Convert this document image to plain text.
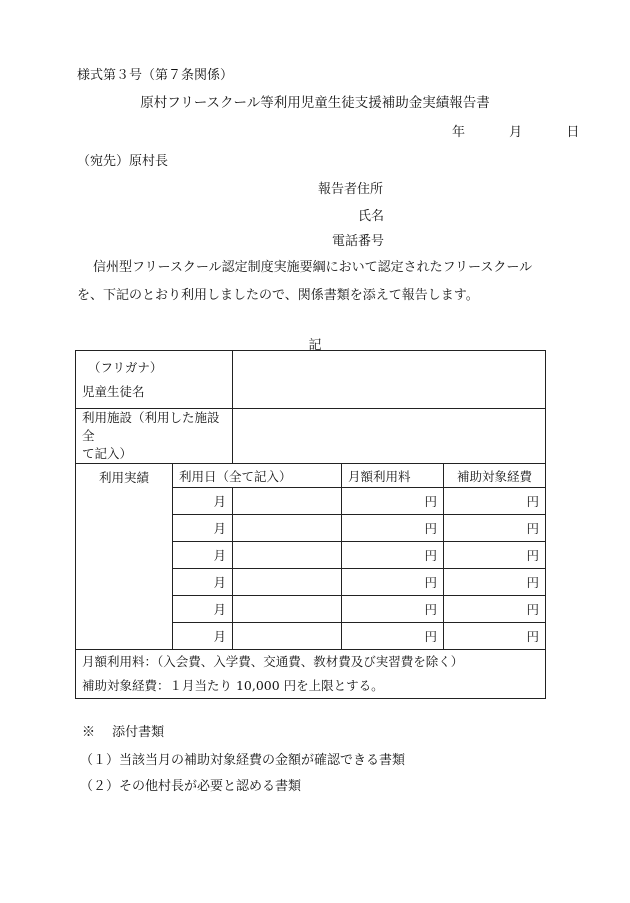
様式第３号（第７条関係）
原村フリースクール等利用児童生徒支援補助金実績報告書
年	月	日
（宛先）原村長
報告者住所
氏名
電話番号
信州型フリースクール認定制度実施要綱において認定されたフリースクール
を、下記のとおり利用しましたので、関係書類を添えて報告します。
記
（フリガナ）
児童生徒名				

利用施設（利用した施設全
て記入）				

利用実績	利用日（全て記入）		月額利用料	補助対象経費
	月		円	円
	月		円	円
	月		円	円
	月		円	円
	月		円	円
	月		円	円

月額利用料：（入会費、入学費、交通費、教材費及び実習費を除く）
補助対象経費：１月当たり 10,000 円を上限とする。				
※　 添付書類
（１）当該当月の補助対象経費の金額が確認できる書類
（２）その他村長が必要と認める書類
